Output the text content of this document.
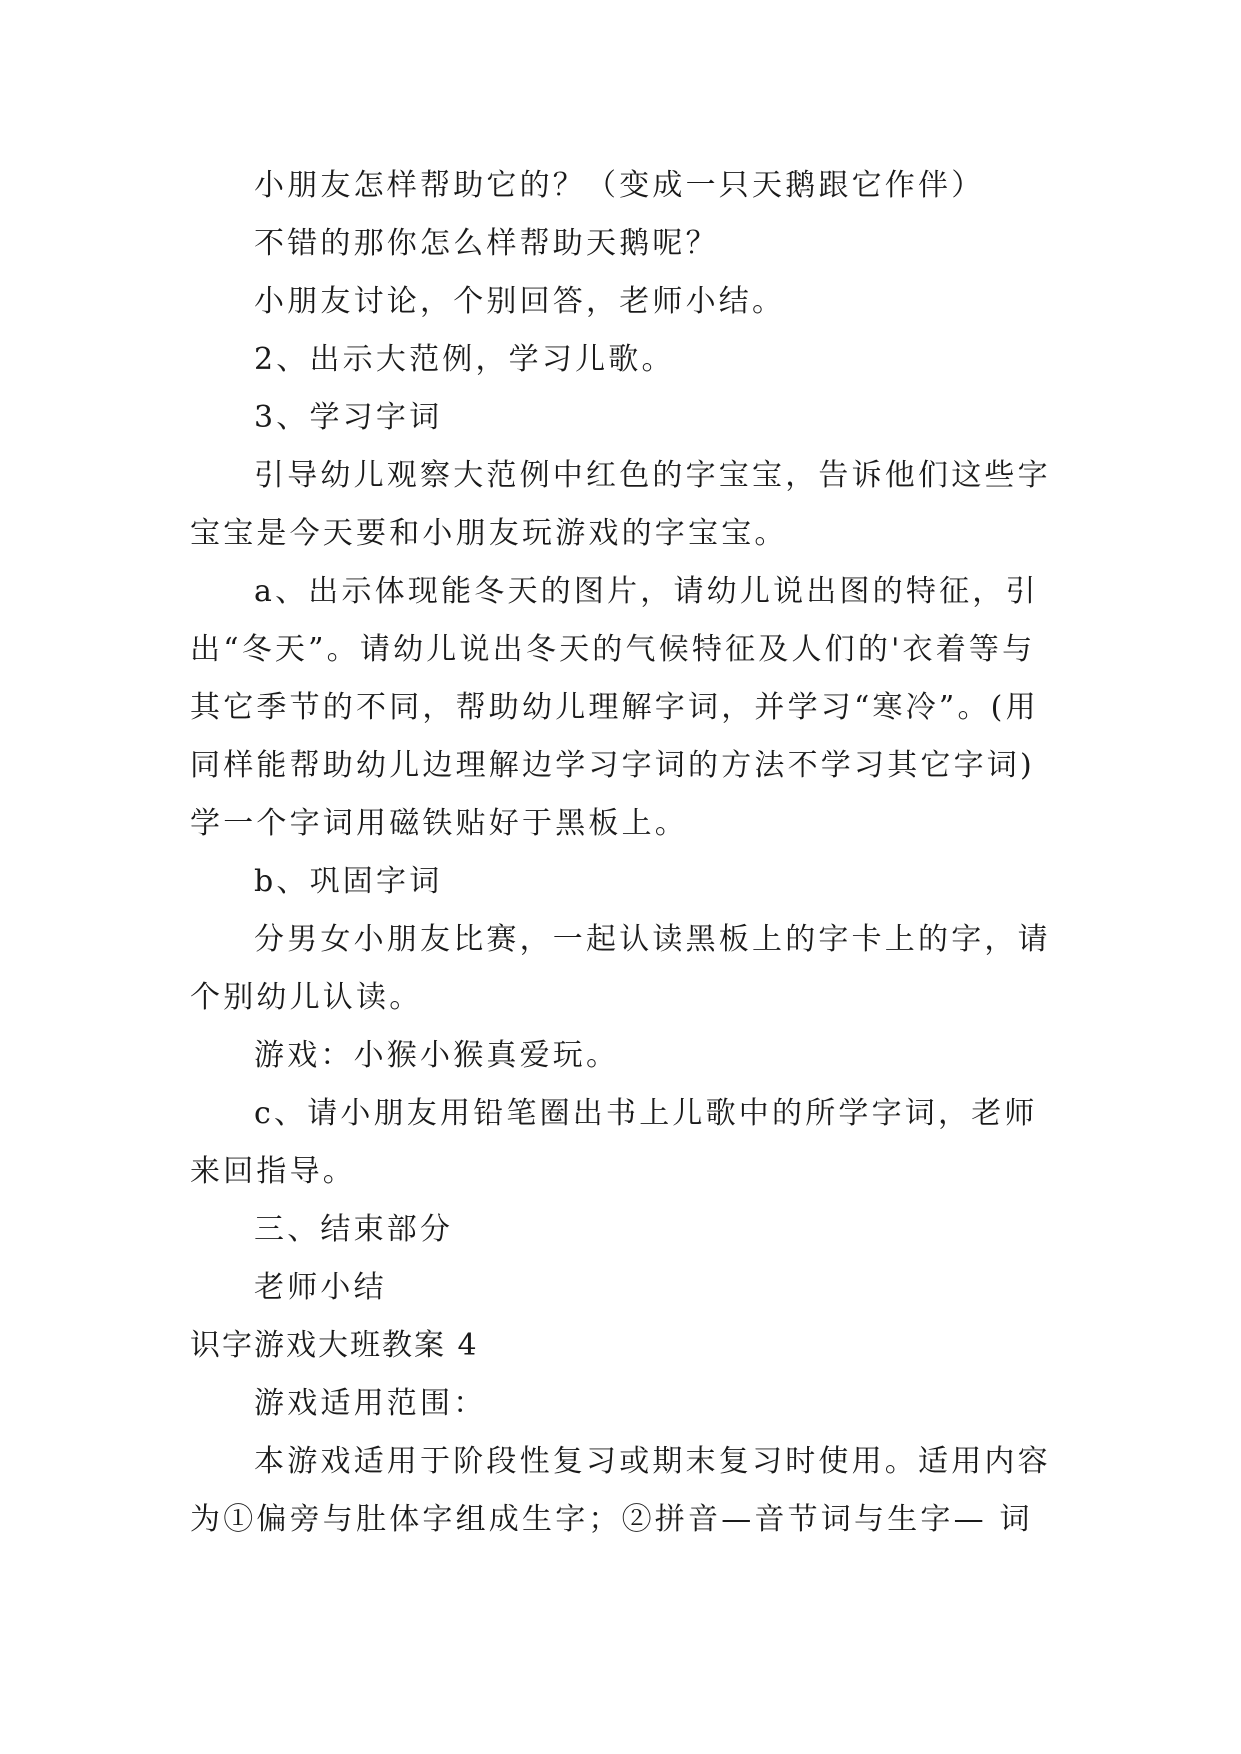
小朋友怎样帮助它的？（变成一只天鹅跟它作伴）
不错的那你怎么样帮助天鹅呢？
小朋友讨论，个别回答，老师小结。
2、出示大范例，学习儿歌。
3、学习字词
引导幼儿观察大范例中红色的字宝宝，告诉他们这些字
宝宝是今天要和小朋友玩游戏的字宝宝。
a、出示体现能冬天的图片，请幼儿说出图的特征，引
出“冬天”。请幼儿说出冬天的气候特征及人们的'衣着等与
其它季节的不同，帮助幼儿理解字词，并学习“寒冷”。(用
同样能帮助幼儿边理解边学习字词的方法不学习其它字词)
学一个字词用磁铁贴好于黑板上。
b、巩固字词
分男女小朋友比赛，一起认读黑板上的字卡上的字，请
个别幼儿认读。
游戏：小猴小猴真爱玩。
c、请小朋友用铅笔圈出书上儿歌中的所学字词，老师
来回指导。
三、结束部分
老师小结
识字游戏大班教案 4
游戏适用范围：
本游戏适用于阶段性复习或期末复习时使用。适用内容
为①偏旁与肚体字组成生字；②拼音—音节词与生字— 词
